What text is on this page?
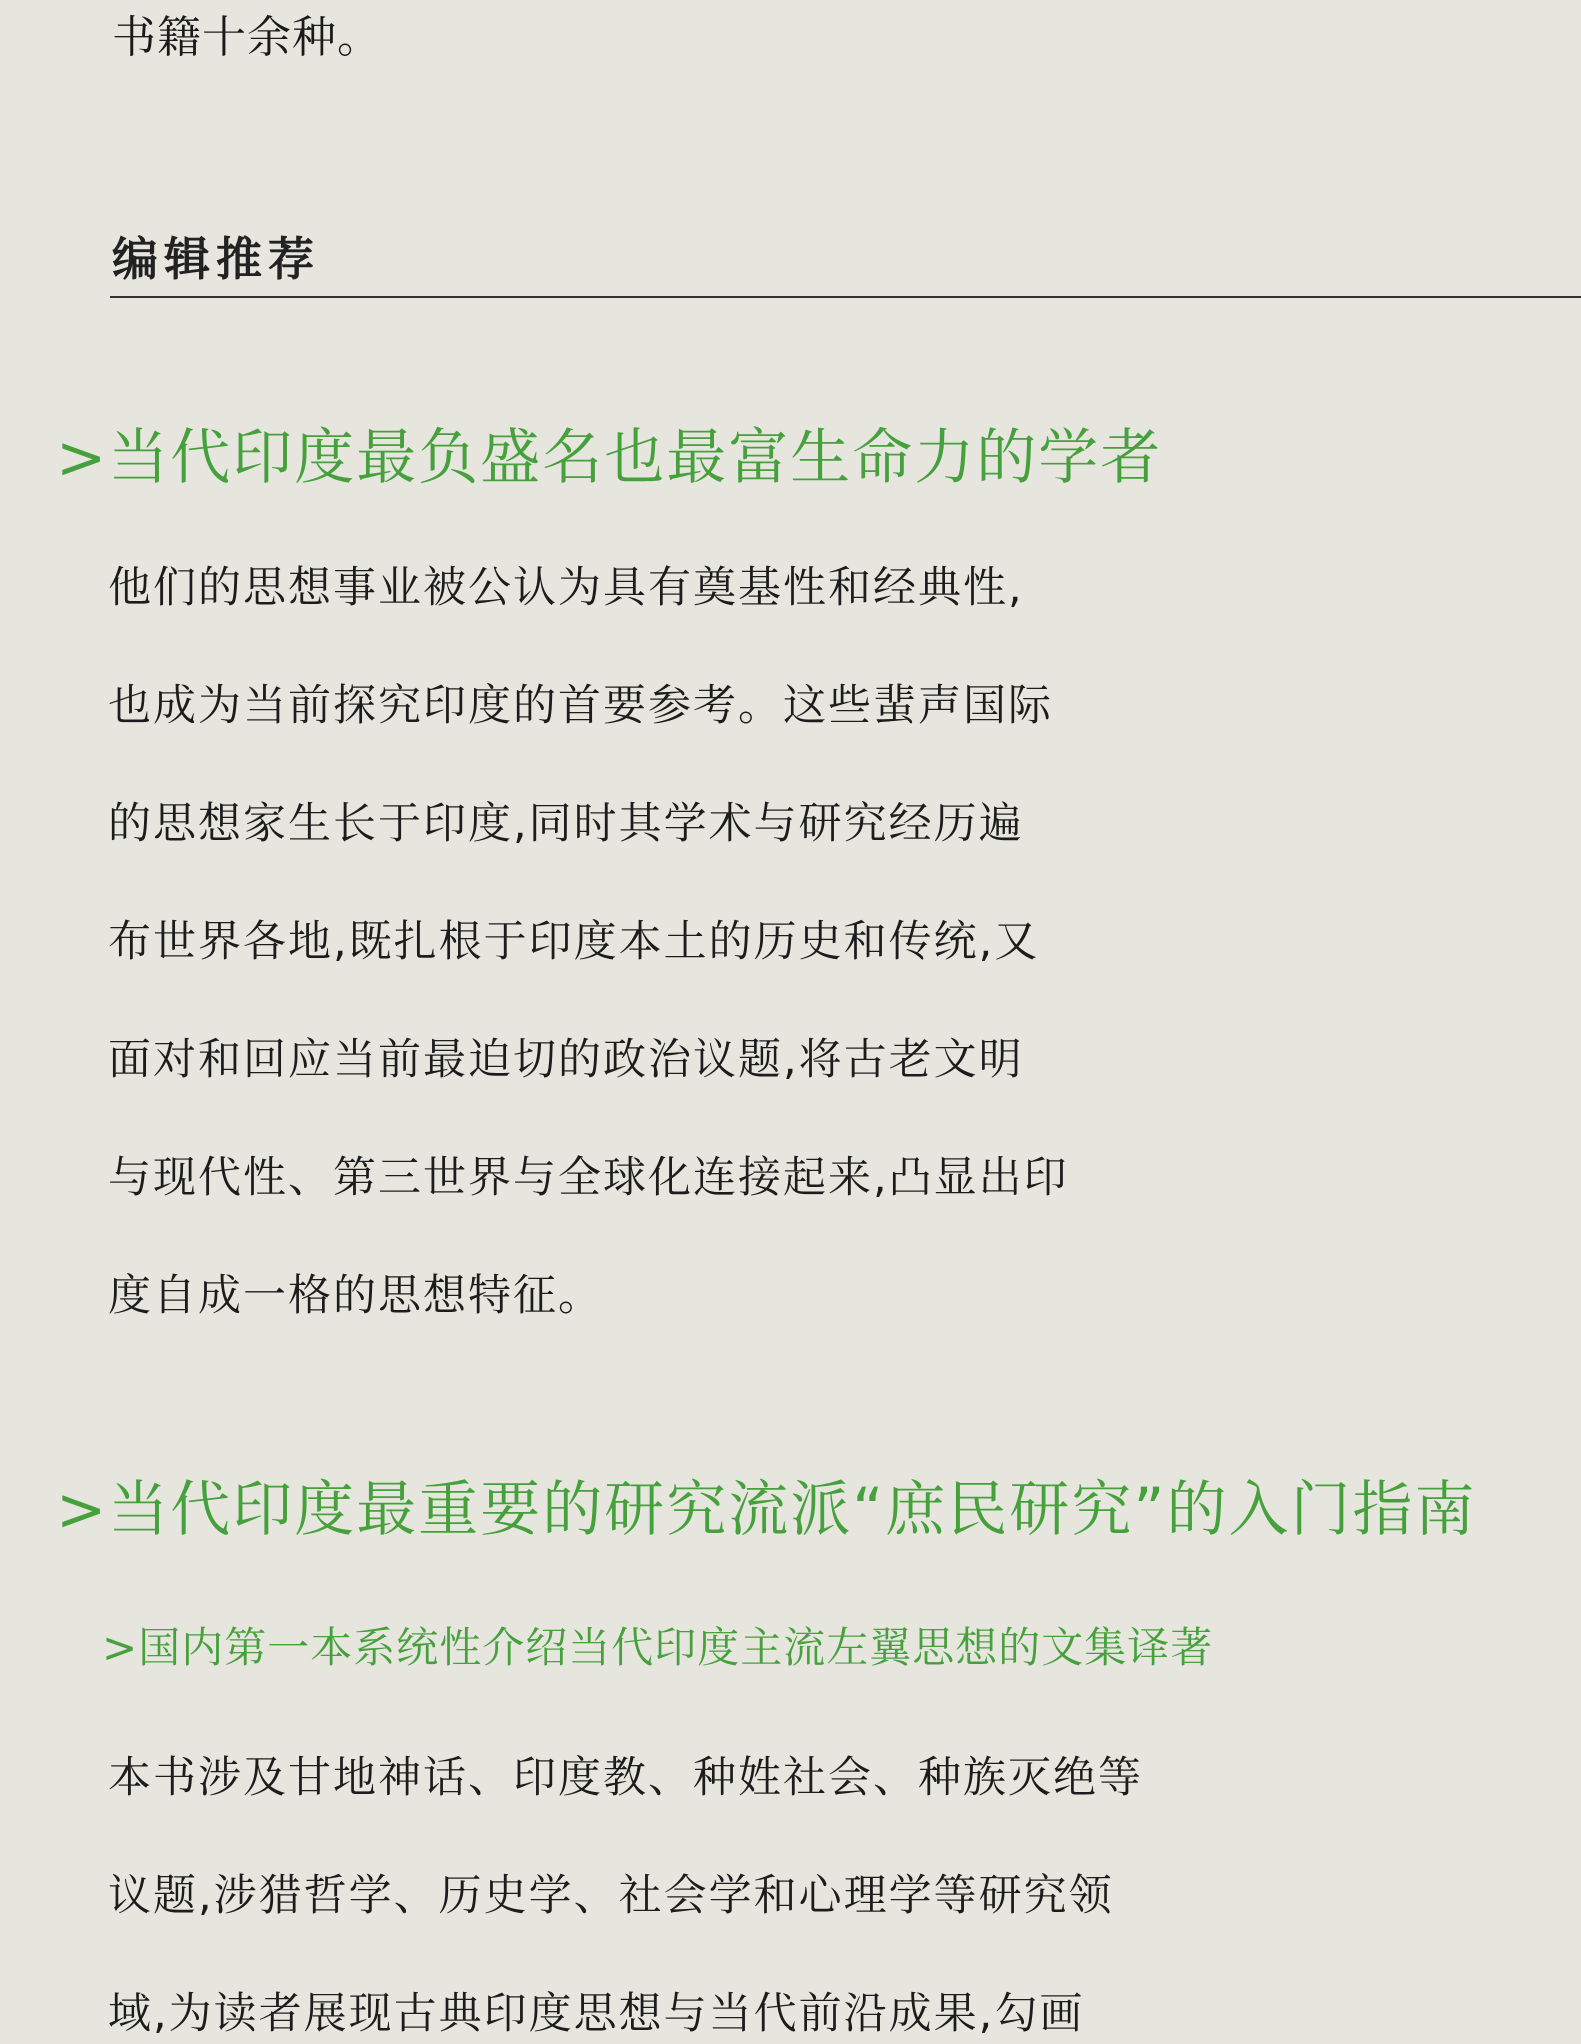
书籍十余种。
编辑推荐
>当代印度最负盛名也最富生命力的学者
他们的思想事业被公认为具有奠基性和经典性,
也成为当前探究印度的首要参考。这些蜚声国际
的思想家生长于印度,同时其学术与研究经历遍
布世界各地,既扎根于印度本土的历史和传统,又
面对和回应当前最迫切的政治议题,将古老文明
与现代性、第三世界与全球化连接起来,凸显出印
度自成一格的思想特征。
>当代印度最重要的研究流派“庶民研究”的入门指南
>国内第一本系统性介绍当代印度主流左翼思想的文集译著
本书涉及甘地神话、印度教、种姓社会、种族灭绝等
议题,涉猎哲学、历史学、社会学和心理学等研究领
域,为读者展现古典印度思想与当代前沿成果,勾画
